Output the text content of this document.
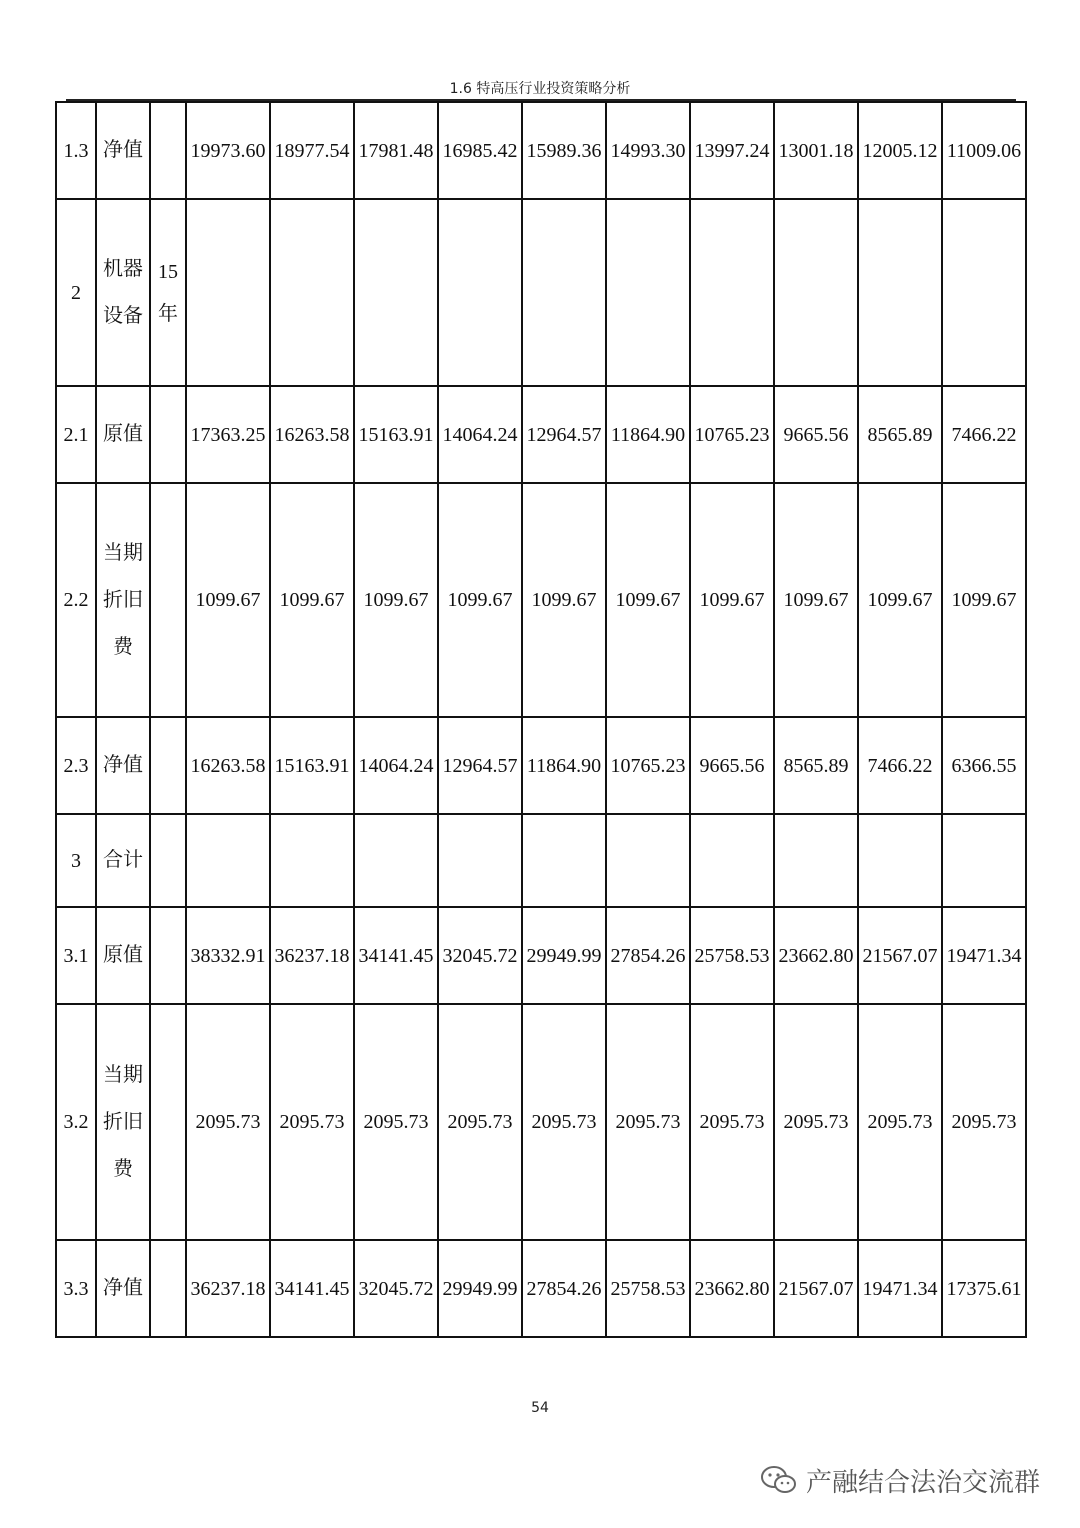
1.6 特高压行业投资策略分析
1.3	净值		19973.60	18977.54	17981.48	16985.42	15989.36	14993.30	13997.24	13001.18	12005.12	11009.06

2	机器设备	15年										

2.1	原值		17363.25	16263.58	15163.91	14064.24	12964.57	11864.90	10765.23	9665.56	8565.89	7466.22

2.2	当期折旧费		1099.67	1099.67	1099.67	1099.67	1099.67	1099.67	1099.67	1099.67	1099.67	1099.67

2.3	净值		16263.58	15163.91	14064.24	12964.57	11864.90	10765.23	9665.56	8565.89	7466.22	6366.55

3	合计											

3.1	原值		38332.91	36237.18	34141.45	32045.72	29949.99	27854.26	25758.53	23662.80	21567.07	19471.34

3.2	当期折旧费		2095.73	2095.73	2095.73	2095.73	2095.73	2095.73	2095.73	2095.73	2095.73	2095.73

3.3	净值		36237.18	34141.45	32045.72	29949.99	27854.26	25758.53	23662.80	21567.07	19471.34	17375.61
54
产融结合法治交流群
